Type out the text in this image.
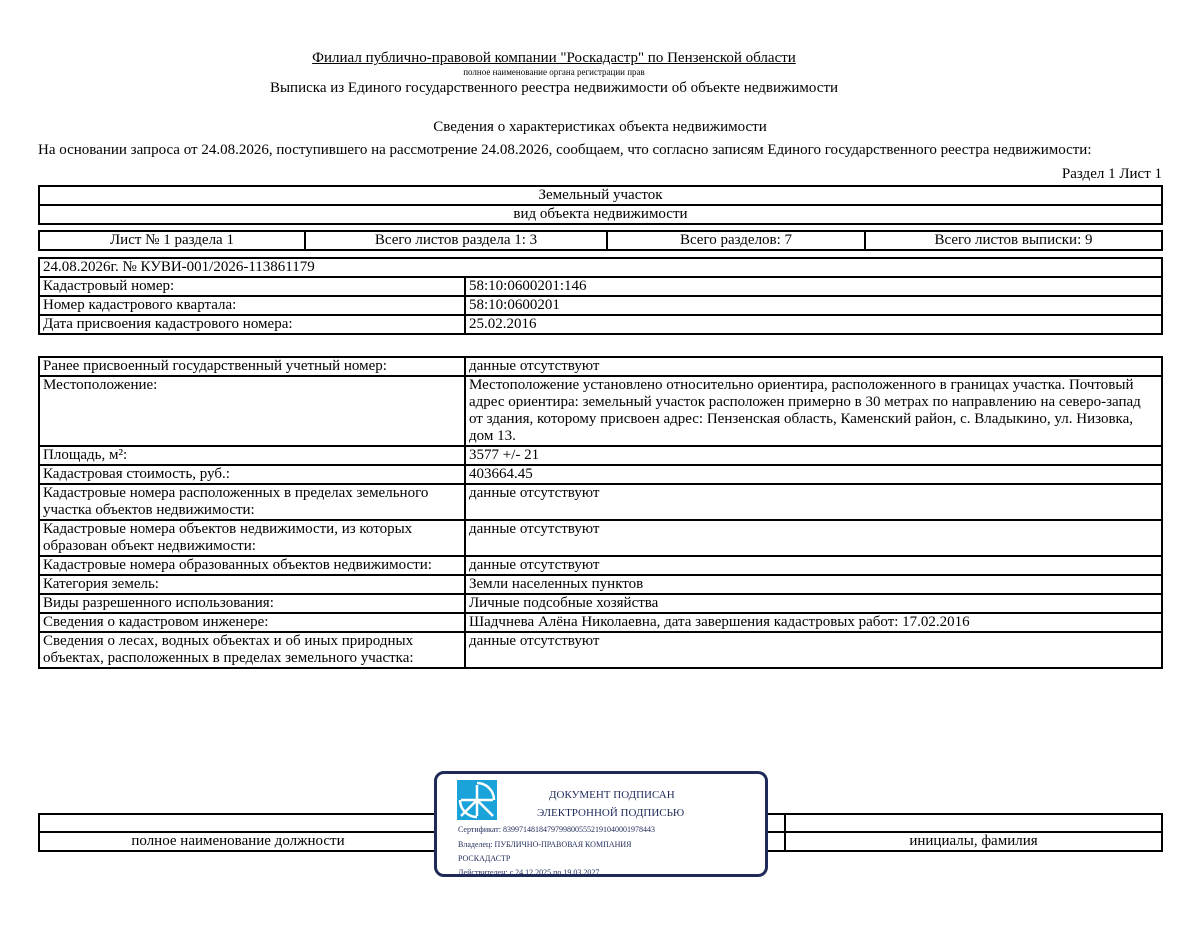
Филиал публично-правовой компании "Роскадастр" по Пензенской области
полное наименование органа регистрации прав
Выписка из Единого государственного реестра недвижимости об объекте недвижимости
Сведения о характеристиках объекта недвижимости
На основании запроса от 24.08.2026, поступившего на рассмотрение 24.08.2026, сообщаем, что согласно записям Единого государственного реестра недвижимости:
Раздел 1 Лист 1
Земельный участок
вид объекта недвижимости
Лист № 1 раздела 1	Всего листов раздела 1: 3	Всего разделов: 7	Всего листов выписки: 9
24.08.2026г. № КУВИ-001/2026-113861179	
Кадастровый номер:	58:10:0600201:146
Номер кадастрового квартала:	58:10:0600201
Дата присвоения кадастрового номера:	25.02.2016
Ранее присвоенный государственный учетный номер:	данные отсутствуют
Местоположение:	Местоположение установлено относительно ориентира, расположенного в границах участка. Почтовый адрес ориентира: земельный участок расположен примерно в 30 метрах по направлению на северо-запад от здания, которому присвоен адрес: Пензенская область, Каменский район, с. Владыкино, ул. Низовка, дом 13.
Площадь, м²:	3577 +/- 21
Кадастровая стоимость, руб.:	403664.45
Кадастровые номера расположенных в пределах земельного участка объектов недвижимости:	данные отсутствуют
Кадастровые номера объектов недвижимости, из которых образован объект недвижимости:	данные отсутствуют
Кадастровые номера образованных объектов недвижимости:	данные отсутствуют
Категория земель:	Земли населенных пунктов
Виды разрешенного использования:	Личные подсобные хозяйства
Сведения о кадастровом инженере:	Шадчнева Алёна Николаевна, дата завершения кадастровых работ: 17.02.2016
Сведения о лесах, водных объектах и об иных природных объектах, расположенных в пределах земельного участка:	данные отсутствуют

полное наименование должности		инициалы, фамилия
ДОКУМЕНТ ПОДПИСАН
ЭЛЕКТРОННОЙ ПОДПИСЬЮ
Сертификат: 83997148184797998005552191040001978443
Владелец: ПУБЛИЧНО-ПРАВОВАЯ КОМПАНИЯ
РОСКАДАСТР
Действителен: с 24.12.2025 по 19.03.2027
